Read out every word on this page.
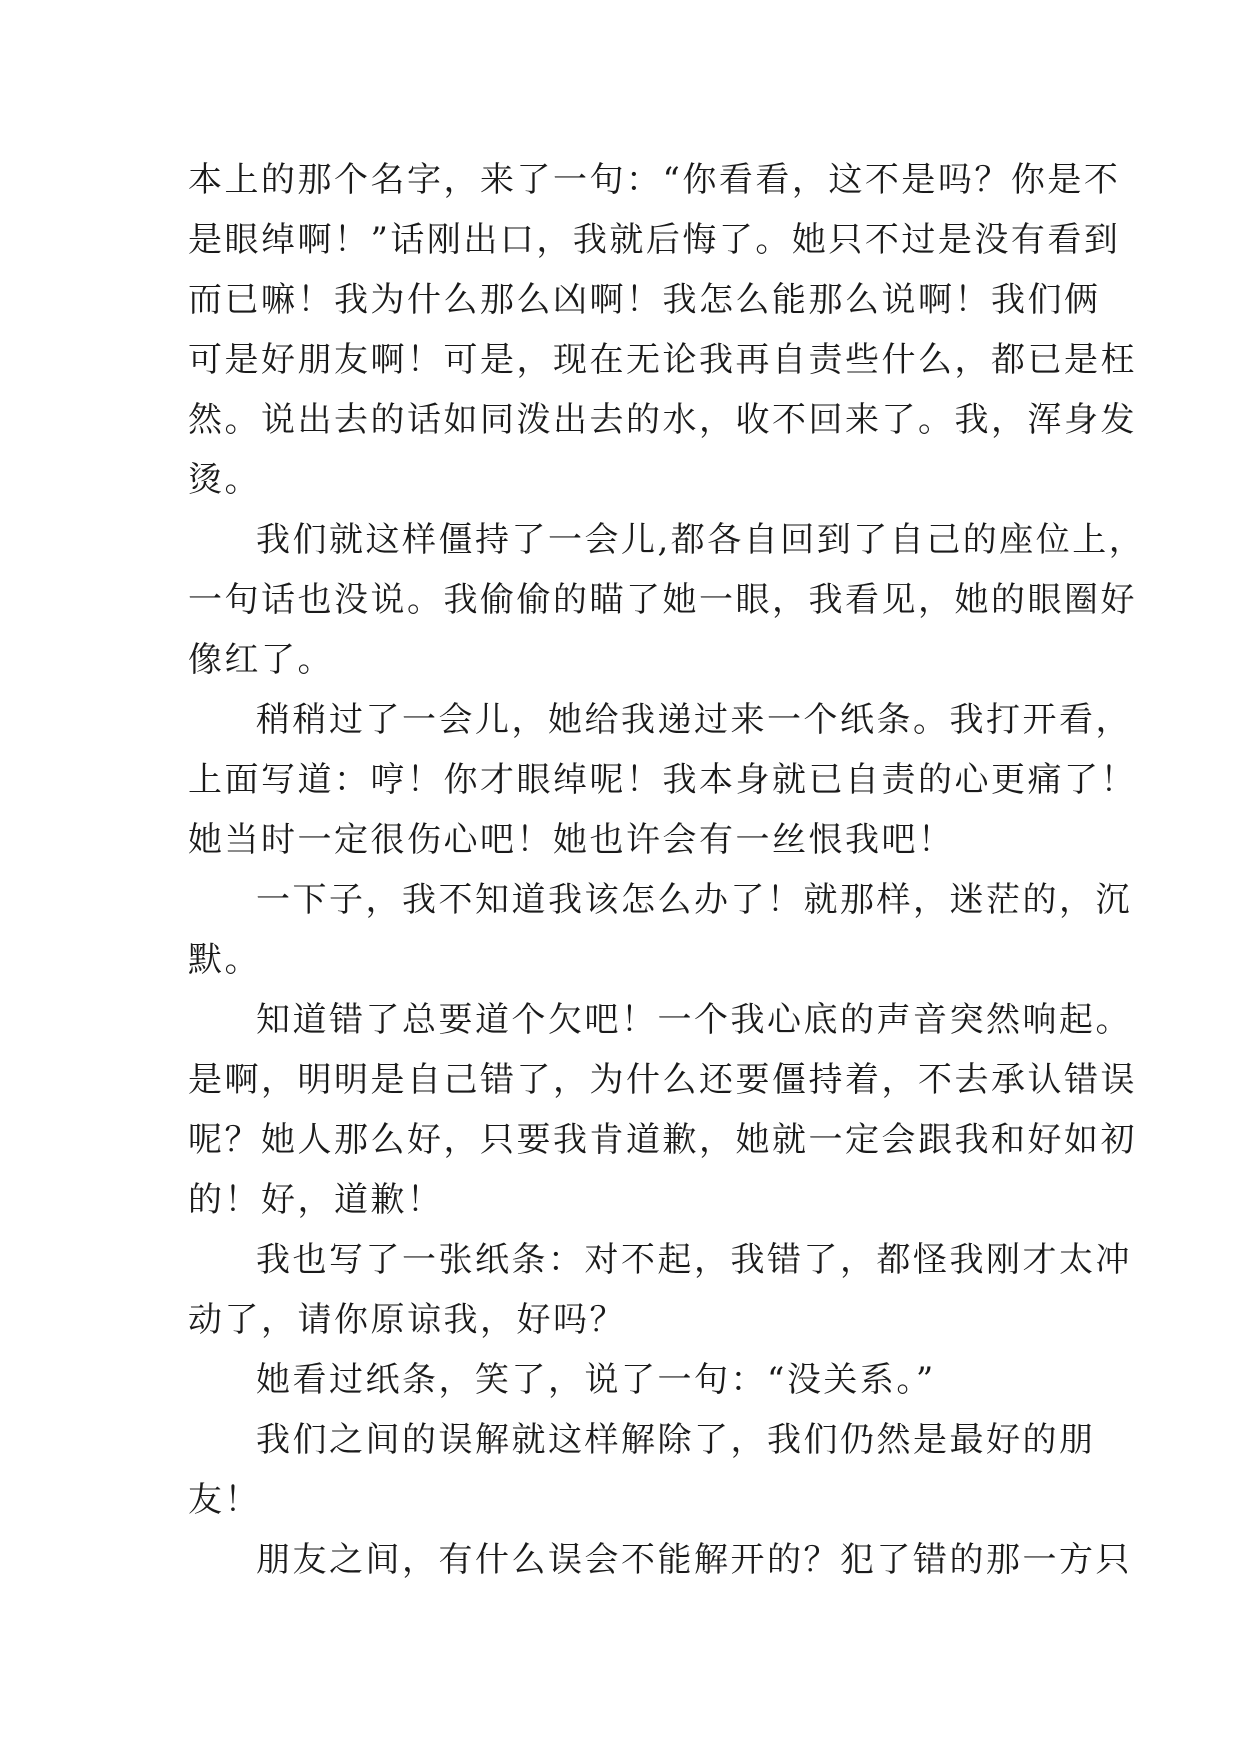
本上的那个名字，来了一句：“你看看，这不是吗？你是不
是眼绰啊！”话刚出口，我就后悔了。她只不过是没有看到
而已嘛！我为什么那么凶啊！我怎么能那么说啊！我们俩
可是好朋友啊！可是，现在无论我再自责些什么，都已是枉
然。说出去的话如同泼出去的水，收不回来了。我，浑身发
烫。
我们就这样僵持了一会儿,都各自回到了自己的座位上，
一句话也没说。我偷偷的瞄了她一眼，我看见，她的眼圈好
像红了。
稍稍过了一会儿，她给我递过来一个纸条。我打开看，
上面写道：哼！你才眼绰呢！我本身就已自责的心更痛了！
她当时一定很伤心吧！她也许会有一丝恨我吧！
一下子，我不知道我该怎么办了！就那样，迷茫的，沉
默。
知道错了总要道个欠吧！一个我心底的声音突然响起。
是啊，明明是自己错了，为什么还要僵持着，不去承认错误
呢？她人那么好，只要我肯道歉，她就一定会跟我和好如初
的！好，道歉！
我也写了一张纸条：对不起，我错了，都怪我刚才太冲
动了，请你原谅我，好吗？
她看过纸条，笑了，说了一句：“没关系。”
我们之间的误解就这样解除了，我们仍然是最好的朋
友！
朋友之间，有什么误会不能解开的？犯了错的那一方只
